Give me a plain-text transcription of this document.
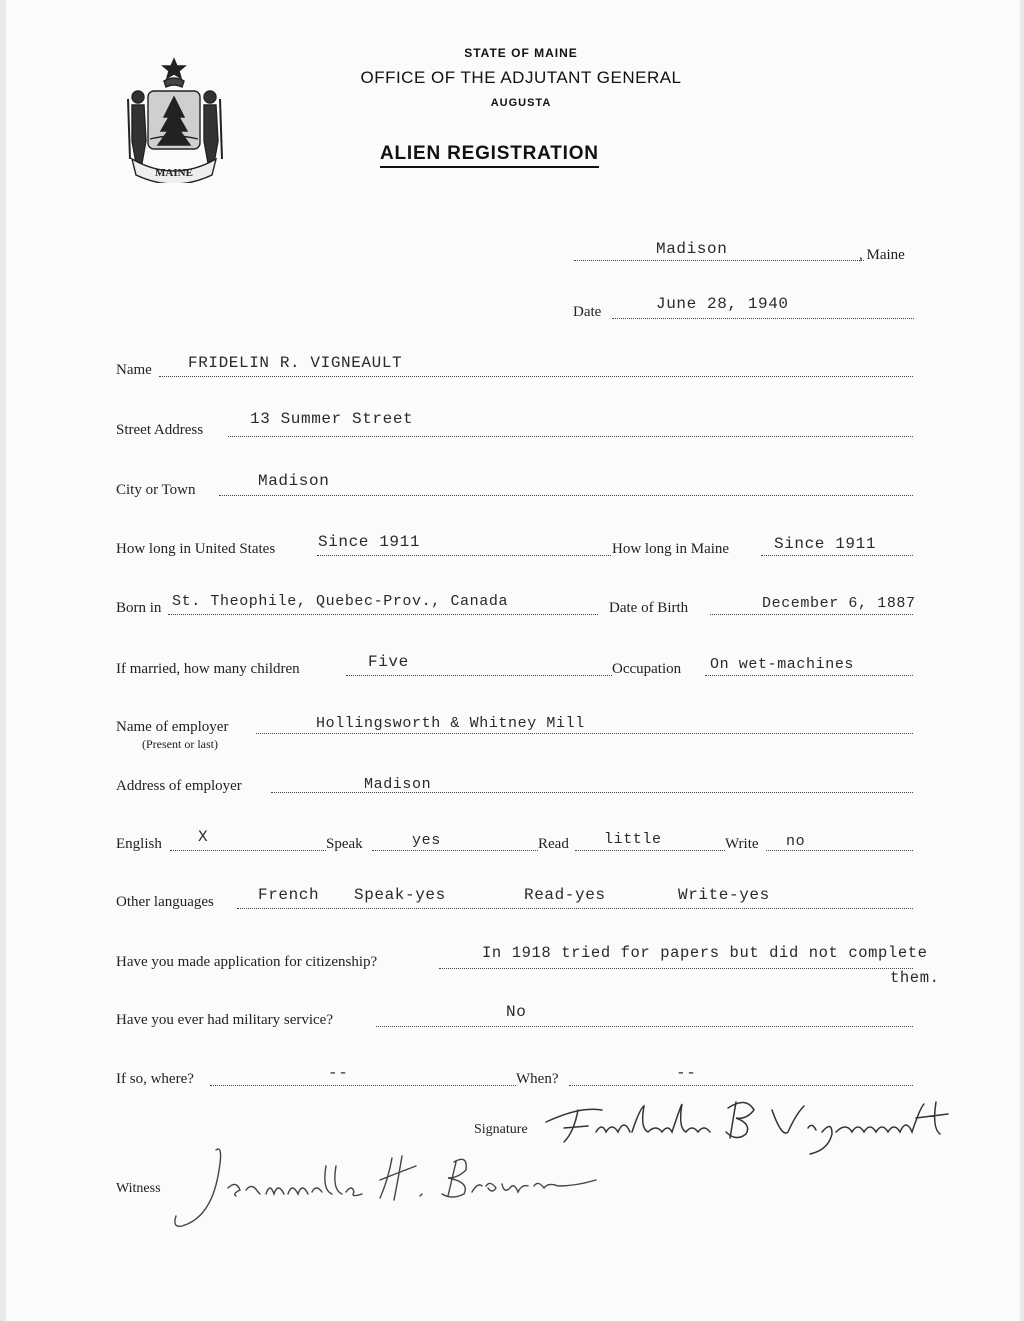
MAINE
STATE OF MAINE
OFFICE OF THE ADJUTANT GENERAL
AUGUSTA
ALIEN REGISTRATION
Madison	, Maine
Date	June 28, 1940
Name FRIDELIN R. VIGNEAULT
Street Address
13 Summer Street
City or Town	Madison
How long in United States	Since 1911	How long in Maine	Since 1911
Born in St. Theophile, Quebec-Prov., Canada	Date of Birth	December 6, 1887
If married, how many children	Five	Occupation On wet-machines
Name of employer
(Present or last)
Hollingsworth & Whitney Mill
Address of employer	Madison
English X	Speak	yes	Read little	Write no
Other languages	French Speak-yes	Read-yes	Write-yes
Have you made application for citizenship?	In 1918 tried for papers but did not complete
them.
Have you ever had military service?	No
If so, where?	--	When?	--
Signature
Fridelin R. Vigneault
Witness
Jeannette H. Brown
